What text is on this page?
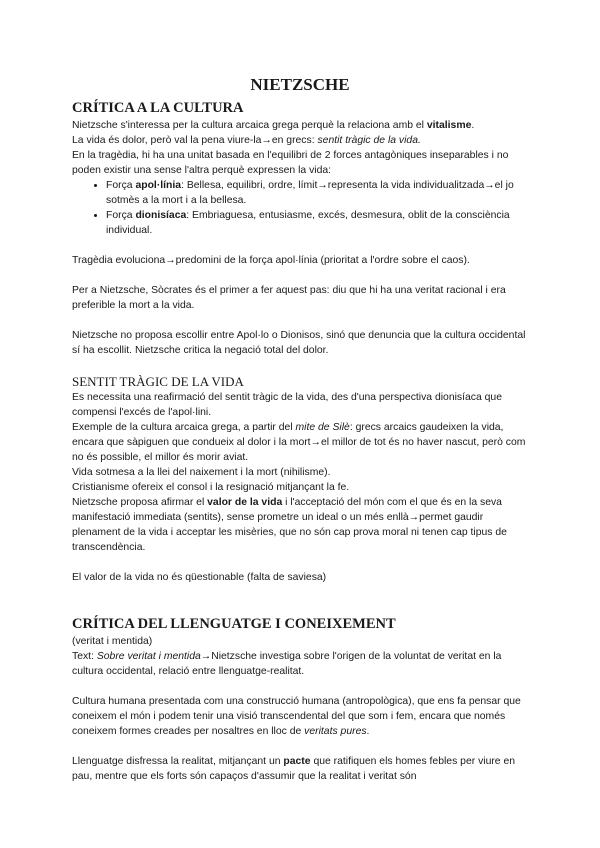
NIETZSCHE
CRÍTICA A LA CULTURA

Nietzsche s'interessa per la cultura arcaica grega perquè la relaciona amb el vitalisme.

La vida és dolor, però val la pena viure-la→en grecs: sentit tràgic de la vida.

En la tragèdia, hi ha una unitat basada en l'equilibri de 2 forces antagòniques inseparables i no poden existir una sense l'altra perquè expressen la vida:

• Força apol·línia: Bellesa, equilibri, ordre, límit→representa la vida individualitzada→el jo sotmès a la mort i a la bellesa.
• Força dionisíaca: Embriaguesa, entusiasme, excés, desmesura, oblit de la consciència individual.

Tragèdia evoluciona→predomini de la força apol·línia (prioritat a l'ordre sobre el caos).

Per a Nietzsche, Sòcrates és el primer a fer aquest pas: diu que hi ha una veritat racional i era preferible la mort a la vida.

Nietzsche no proposa escollir entre Apol·lo o Dionisos, sinó que denuncia que la cultura occidental sí ha escollit. Nietzsche critica la negació total del dolor.

SENTIT TRÀGIC DE LA VIDA

Es necessita una reafirmació del sentit tràgic de la vida, des d'una perspectiva dionisíaca que compensi l'excés de l'apol·lini.

Exemple de la cultura arcaica grega, a partir del mite de Silè: grecs arcaics gaudeixen la vida, encara que sàpiguen que condueix al dolor i la mort→el millor de tot és no haver nascut, però com no és possible, el millor és morir aviat.

Vida sotmesa a la llei del naixement i la mort (nihilisme).

Cristianisme ofereix el consol i la resignació mitjançant la fe.

Nietzsche proposa afirmar el valor de la vida i l'acceptació del món com el que és en la seva manifestació immediata (sentits), sense prometre un ideal o un més enllà→permet gaudir plenament de la vida i acceptar les misèries, que no són cap prova moral ni tenen cap tipus de transcendència.

El valor de la vida no és qüestionable (falta de saviesa)

CRÍTICA DEL LLENGUATGE I CONEIXEMENT

(veritat i mentida)

Text: Sobre veritat i mentida→Nietzsche investiga sobre l'origen de la voluntat de veritat en la cultura occidental, relació entre llenguatge-realitat.

Cultura humana presentada com una construcció humana (antropològica), que ens fa pensar que coneixem el món i podem tenir una visió transcendental del que som i fem, encara que només coneixem formes creades per nosaltres en lloc de veritats pures.

Llenguatge disfressa la realitat, mitjançant un pacte que ratifiquen els homes febles per viure en pau, mentre que els forts són capaços d'assumir que la realitat i veritat són
